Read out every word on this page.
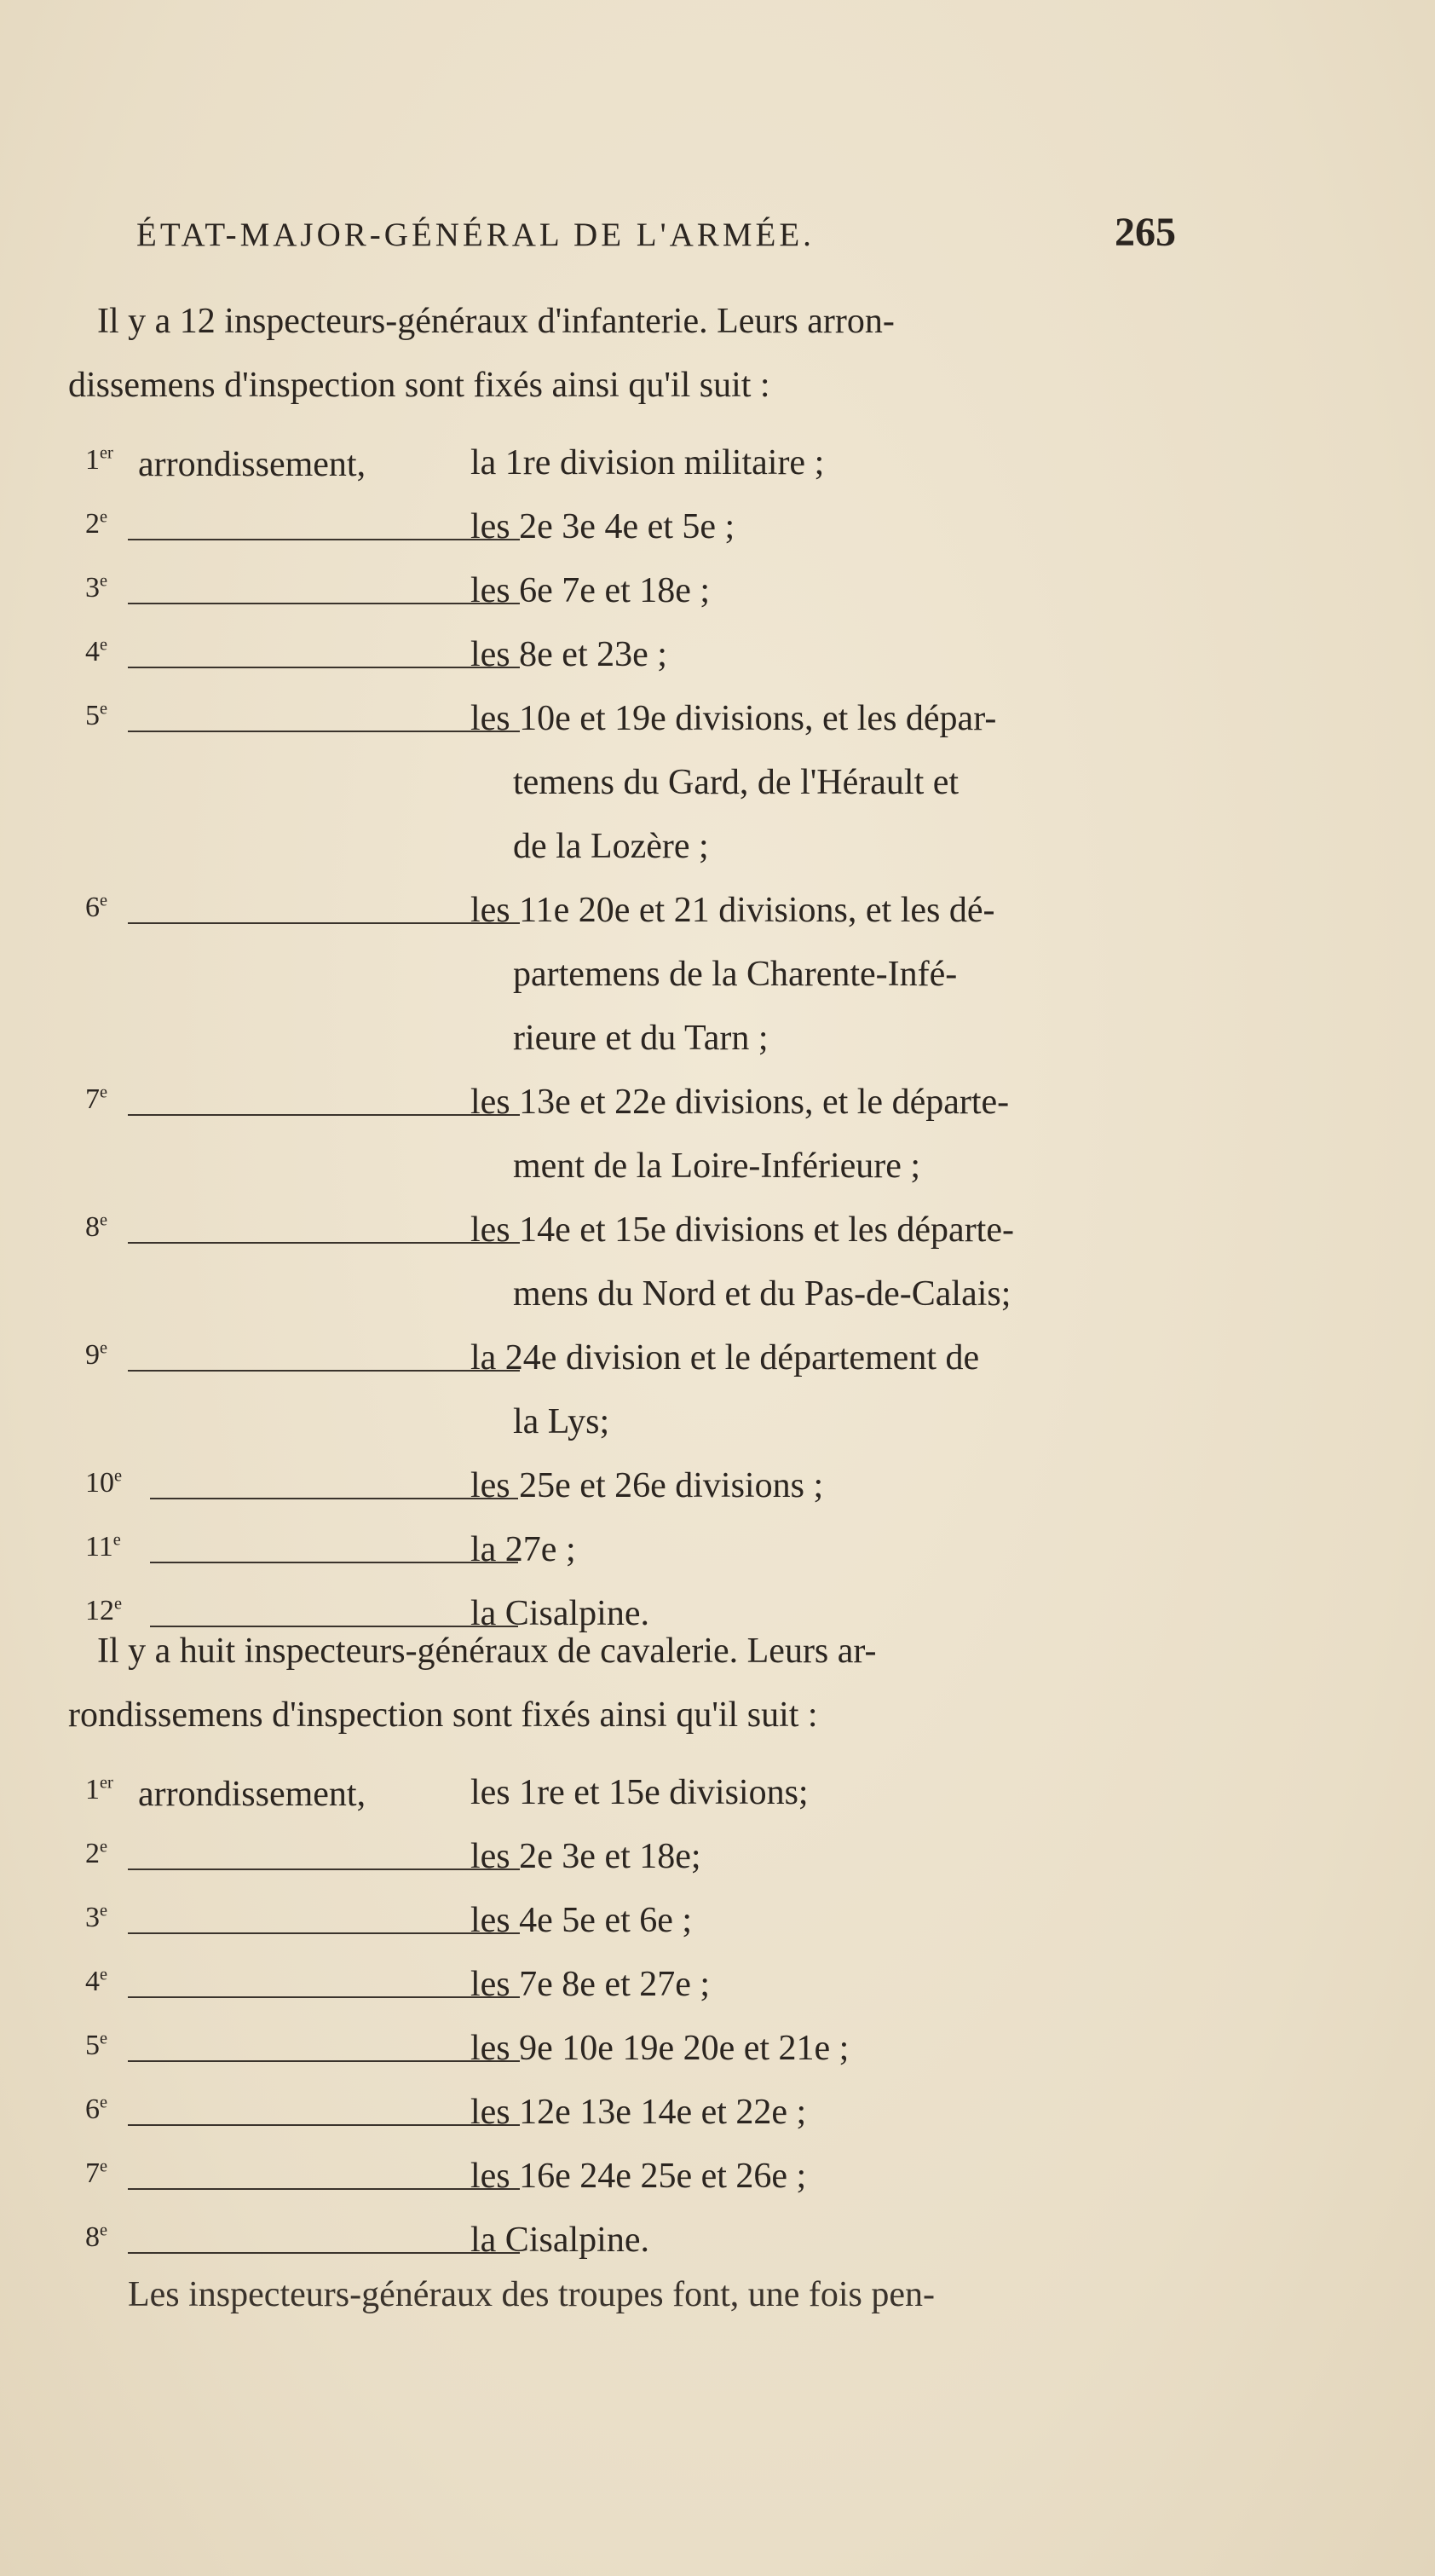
ÉTAT-MAJOR-GÉNÉRAL DE L'ARMÉE.	265
Il y a 12 inspecteurs-généraux d'infanterie. Leurs arron-
dissemens d'inspection sont fixés ainsi qu'il suit :
1er arrondissement,	la 1re division militaire ;
2e	les 2e 3e 4e et 5e ;
3e	les 6e 7e et 18e ;
4e	les 8e et 23e ;
5e	les 10e et 19e divisions, et les dépar-
temens du Gard, de l'Hérault et
de la Lozère ;
6e	les 11e 20e et 21 divisions, et les dé-
partemens de la Charente-Infé-
rieure et du Tarn ;
7e	les 13e et 22e divisions, et le départe-
ment de la Loire-Inférieure ;
8e	les 14e et 15e divisions et les départe-
mens du Nord et du Pas-de-Calais;
9e	la 24e division et le département de
la Lys;
10e	les 25e et 26e divisions ;
11e	la 27e ;
12e	la Cisalpine.
Il y a huit inspecteurs-généraux de cavalerie. Leurs ar-
rondissemens d'inspection sont fixés ainsi qu'il suit :
1er arrondissement,	les 1re et 15e divisions;
2e	les 2e 3e et 18e;
3e	les 4e 5e et 6e ;
4e	les 7e 8e et 27e ;
5e	les 9e 10e 19e 20e et 21e ;
6e	les 12e 13e 14e et 22e ;
7e	les 16e 24e 25e et 26e ;
8e	la Cisalpine.
Les inspecteurs-généraux des troupes font, une fois pen-
